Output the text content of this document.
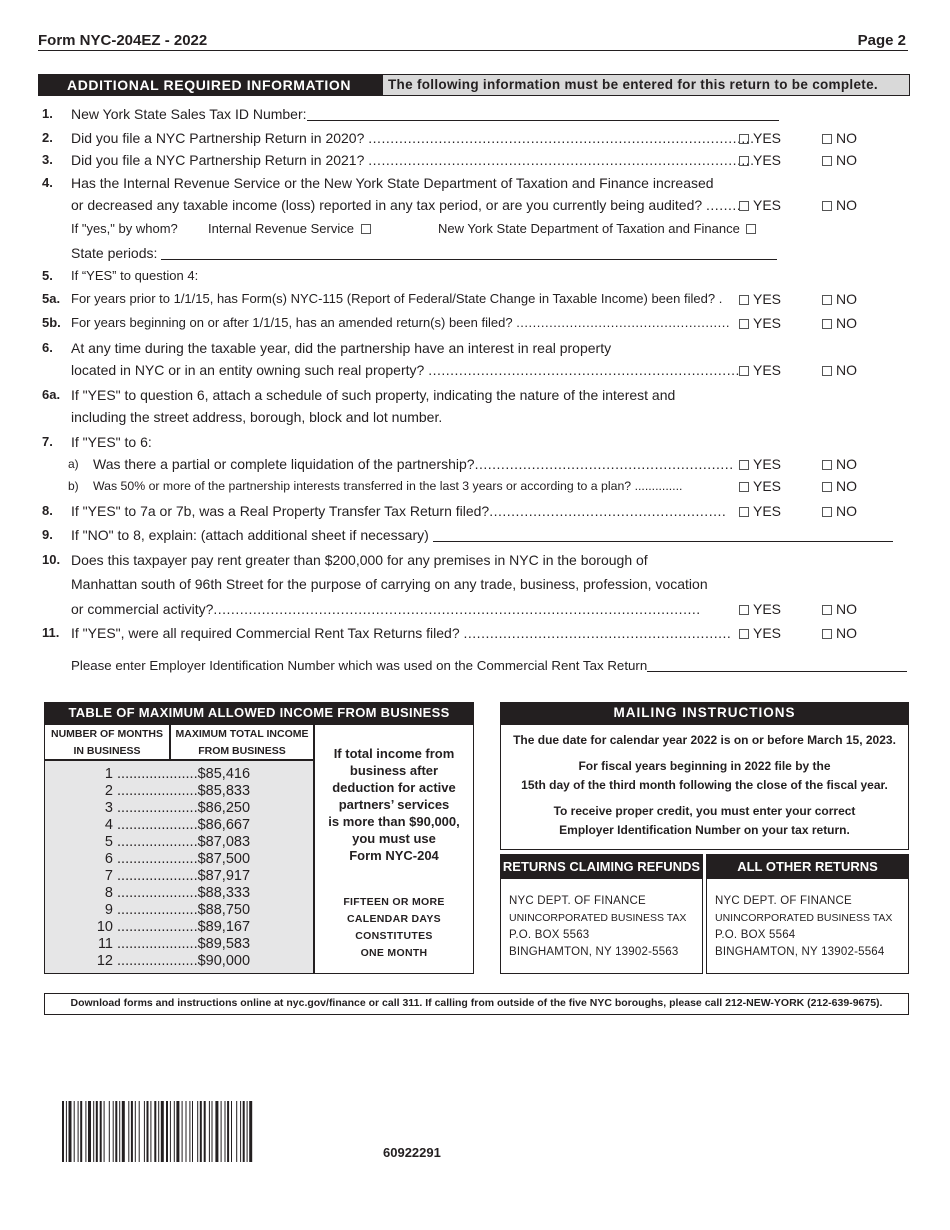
Form NYC-204EZ - 2022	Page 2
ADDITIONAL REQUIRED INFORMATION	The following information must be entered for this return to be complete.
1. New York State Sales Tax ID Number:
2. Did you file a NYC Partnership Return in 2020? ........................................................................................
YES	NO
3. Did you file a NYC Partnership Return in 2021? ........................................................................................
YES	NO
4. Has the Internal Revenue Service or the New York State Department of Taxation and Finance increased
or decreased any taxable income (loss) reported in any tax period, or are you currently being audited? ........ YES	NO
If "yes," by whom? Internal Revenue Service	New York State Department of Taxation and Finance
State periods:
5. If “YES” to question 4:
5a. For years prior to 1/1/15, has Form(s) NYC-115 (Report of Federal/State Change in Taxable Income) been filed? .	YES	NO
5b. For years beginning on or after 1/1/15, has an amended return(s) been filed? ....................................................	YES	NO
6. At any time during the taxable year, did the partnership have an interest in real property
located in NYC or in an entity owning such real property? ....................................................................... YES	NO
6a. If "YES" to question 6, attach a schedule of such property, indicating the nature of the interest and
including the street address, borough, block and lot number.
7. If "YES" to 6:
a) Was there a partial or complete liquidation of the partnership?...........................................................	YES	NO
b) Was 50% or more of the partnership interests transferred in the last 3 years or according to a plan? ..............	YES	NO
8. If "YES" to 7a or 7b, was a Real Property Transfer Tax Return filed?......................................................	YES	NO
9. If "NO" to 8, explain: (attach additional sheet if necessary)
10. Does this taxpayer pay rent greater than $200,000 for any premises in NYC in the borough of
Manhattan south of 96th Street for the purpose of carrying on any trade, business, profession, vocation
or commercial activity?...............................................................................................................	YES	NO
11. If "YES", were all required Commercial Rent Tax Returns filed? .............................................................	YES	NO
Please enter Employer Identification Number which was used on the Commercial Rent Tax Return
TABLE OF MAXIMUM ALLOWED INCOME FROM BUSINESS
NUMBER OF MONTHS
IN BUSINESS
MAXIMUM TOTAL INCOME
FROM BUSINESS
1 ....................$85,416
2 ....................$85,833
3 ....................$86,250
4 ....................$86,667
5 ....................$87,083
6 ....................$87,500
7 ....................$87,917
8 ....................$88,333
9 ....................$88,750
10 ....................$89,167
11 ....................$89,583
12 ....................$90,000
If total income from
business after
deduction for active
partners’ services
is more than $90,000,
you must use
Form NYC-204
FIFTEEN OR MORE
CALENDAR DAYS
CONSTITUTES
ONE MONTH
MAILING INSTRUCTIONS

The due date for calendar year 2022 is on or before March 15, 2023.

For fiscal years beginning in 2022 file by the
15th day of the third month following the close of the fiscal year.

To receive proper credit, you must enter your correct
Employer Identification Number on your tax return.

RETURNS CLAIMING REFUNDS
NYC DEPT. OF FINANCE
UNINCORPORATED BUSINESS TAX
P.O. BOX 5563
BINGHAMTON, NY 13902-5563
ALL OTHER RETURNS
NYC DEPT. OF FINANCE
UNINCORPORATED BUSINESS TAX
P.O. BOX 5564
BINGHAMTON, NY 13902-5564
Download forms and instructions online at nyc.gov/finance or call 311. If calling from outside of the five NYC boroughs, please call 212-NEW-YORK (212-639-9675).
60922291
